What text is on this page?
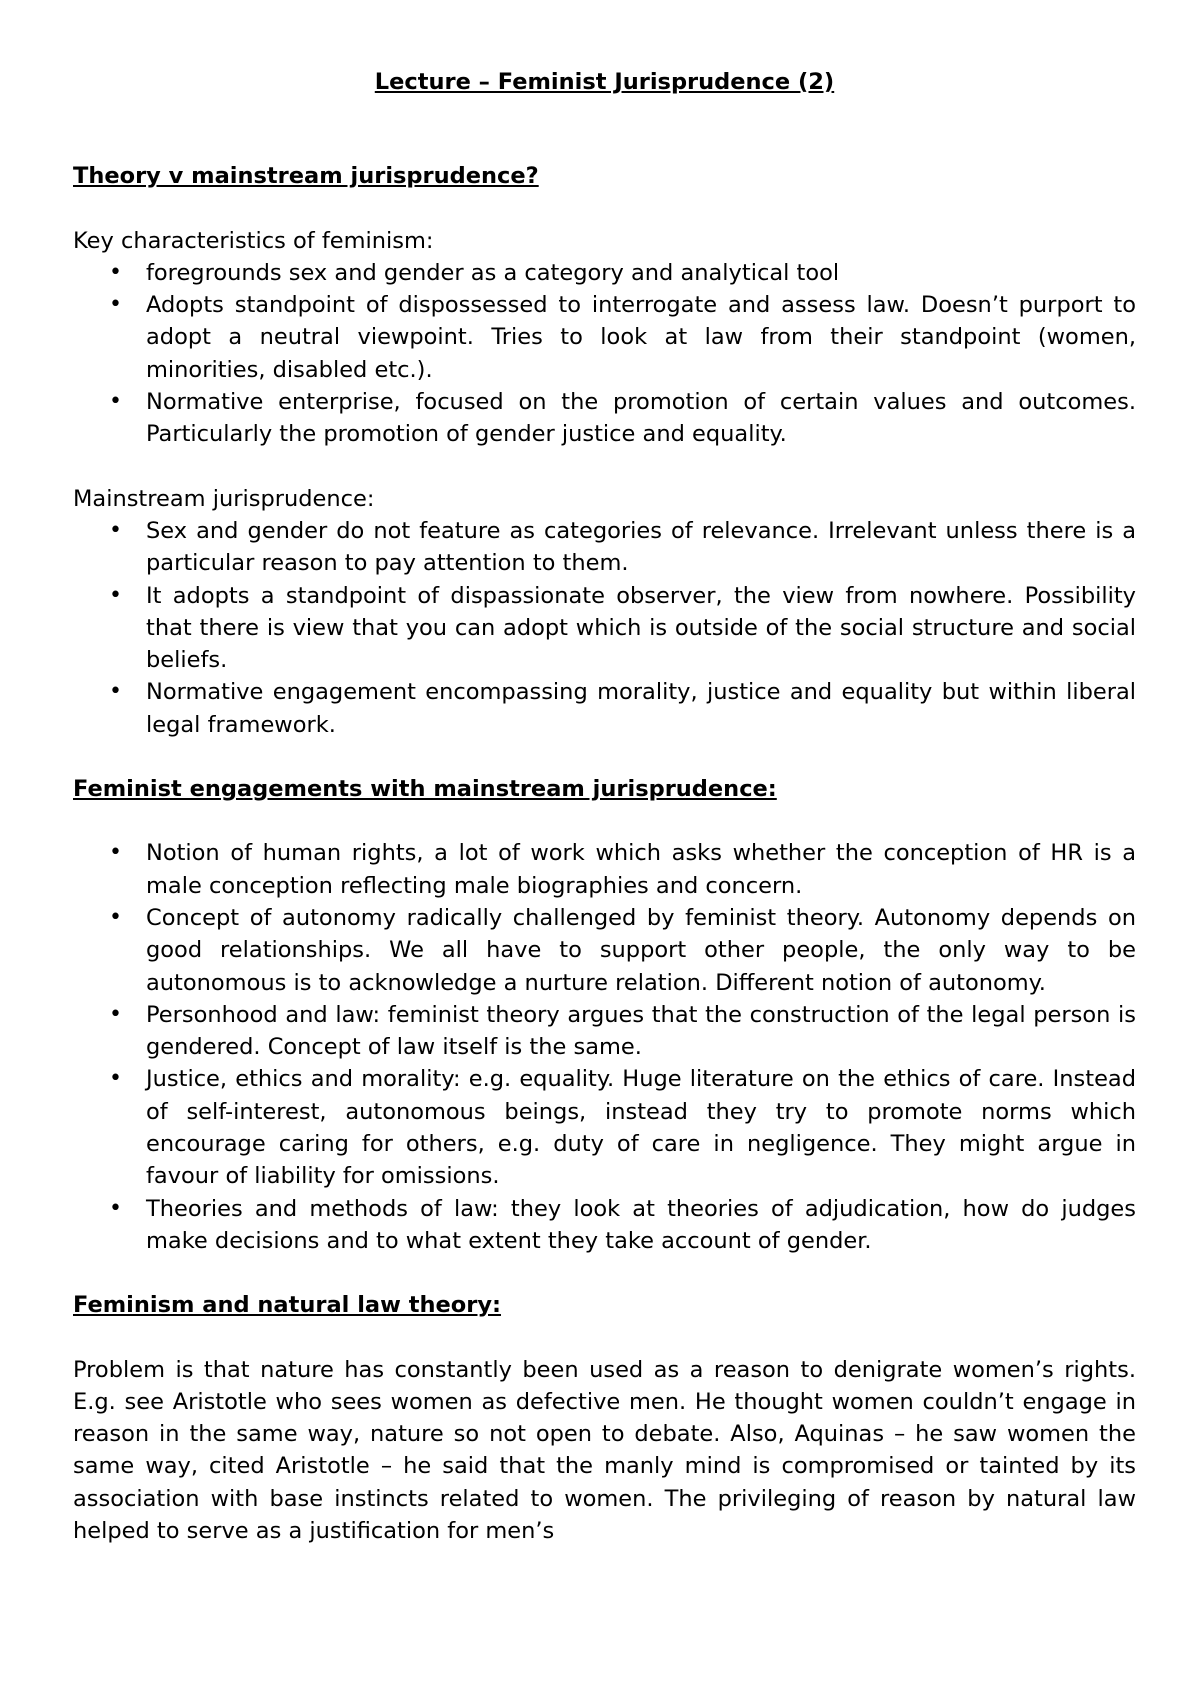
Lecture – Feminist Jurisprudence (2)

Theory v mainstream jurisprudence?

Key characteristics of feminism:

• foregrounds sex and gender as a category and analytical tool
• Adopts standpoint of dispossessed to interrogate and assess law. Doesn’t purport to adopt a neutral viewpoint. Tries to look at law from their standpoint (women, minorities, disabled etc.).
• Normative enterprise, focused on the promotion of certain values and outcomes. Particularly the promotion of gender justice and equality.

Mainstream jurisprudence:

• Sex and gender do not feature as categories of relevance. Irrelevant unless there is a particular reason to pay attention to them.
• It adopts a standpoint of dispassionate observer, the view from nowhere. Possibility that there is view that you can adopt which is outside of the social structure and social beliefs.
• Normative engagement encompassing morality, justice and equality but within liberal legal framework.

Feminist engagements with mainstream jurisprudence:

• Notion of human rights, a lot of work which asks whether the conception of HR is a male conception reflecting male biographies and concern.
• Concept of autonomy radically challenged by feminist theory. Autonomy depends on good relationships. We all have to support other people, the only way to be autonomous is to acknowledge a nurture relation. Different notion of autonomy.
• Personhood and law: feminist theory argues that the construction of the legal person is gendered. Concept of law itself is the same.
• Justice, ethics and morality: e.g. equality. Huge literature on the ethics of care. Instead of self-interest, autonomous beings, instead they try to promote norms which encourage caring for others, e.g. duty of care in negligence. They might argue in favour of liability for omissions.
• Theories and methods of law: they look at theories of adjudication, how do judges make decisions and to what extent they take account of gender.

Feminism and natural law theory:

Problem is that nature has constantly been used as a reason to denigrate women’s rights. E.g. see Aristotle who sees women as defective men. He thought women couldn’t engage in reason in the same way, nature so not open to debate. Also, Aquinas – he saw women the same way, cited Aristotle – he said that the manly mind is compromised or tainted by its association with base instincts related to women. The privileging of reason by natural law helped to serve as a justification for men’s
